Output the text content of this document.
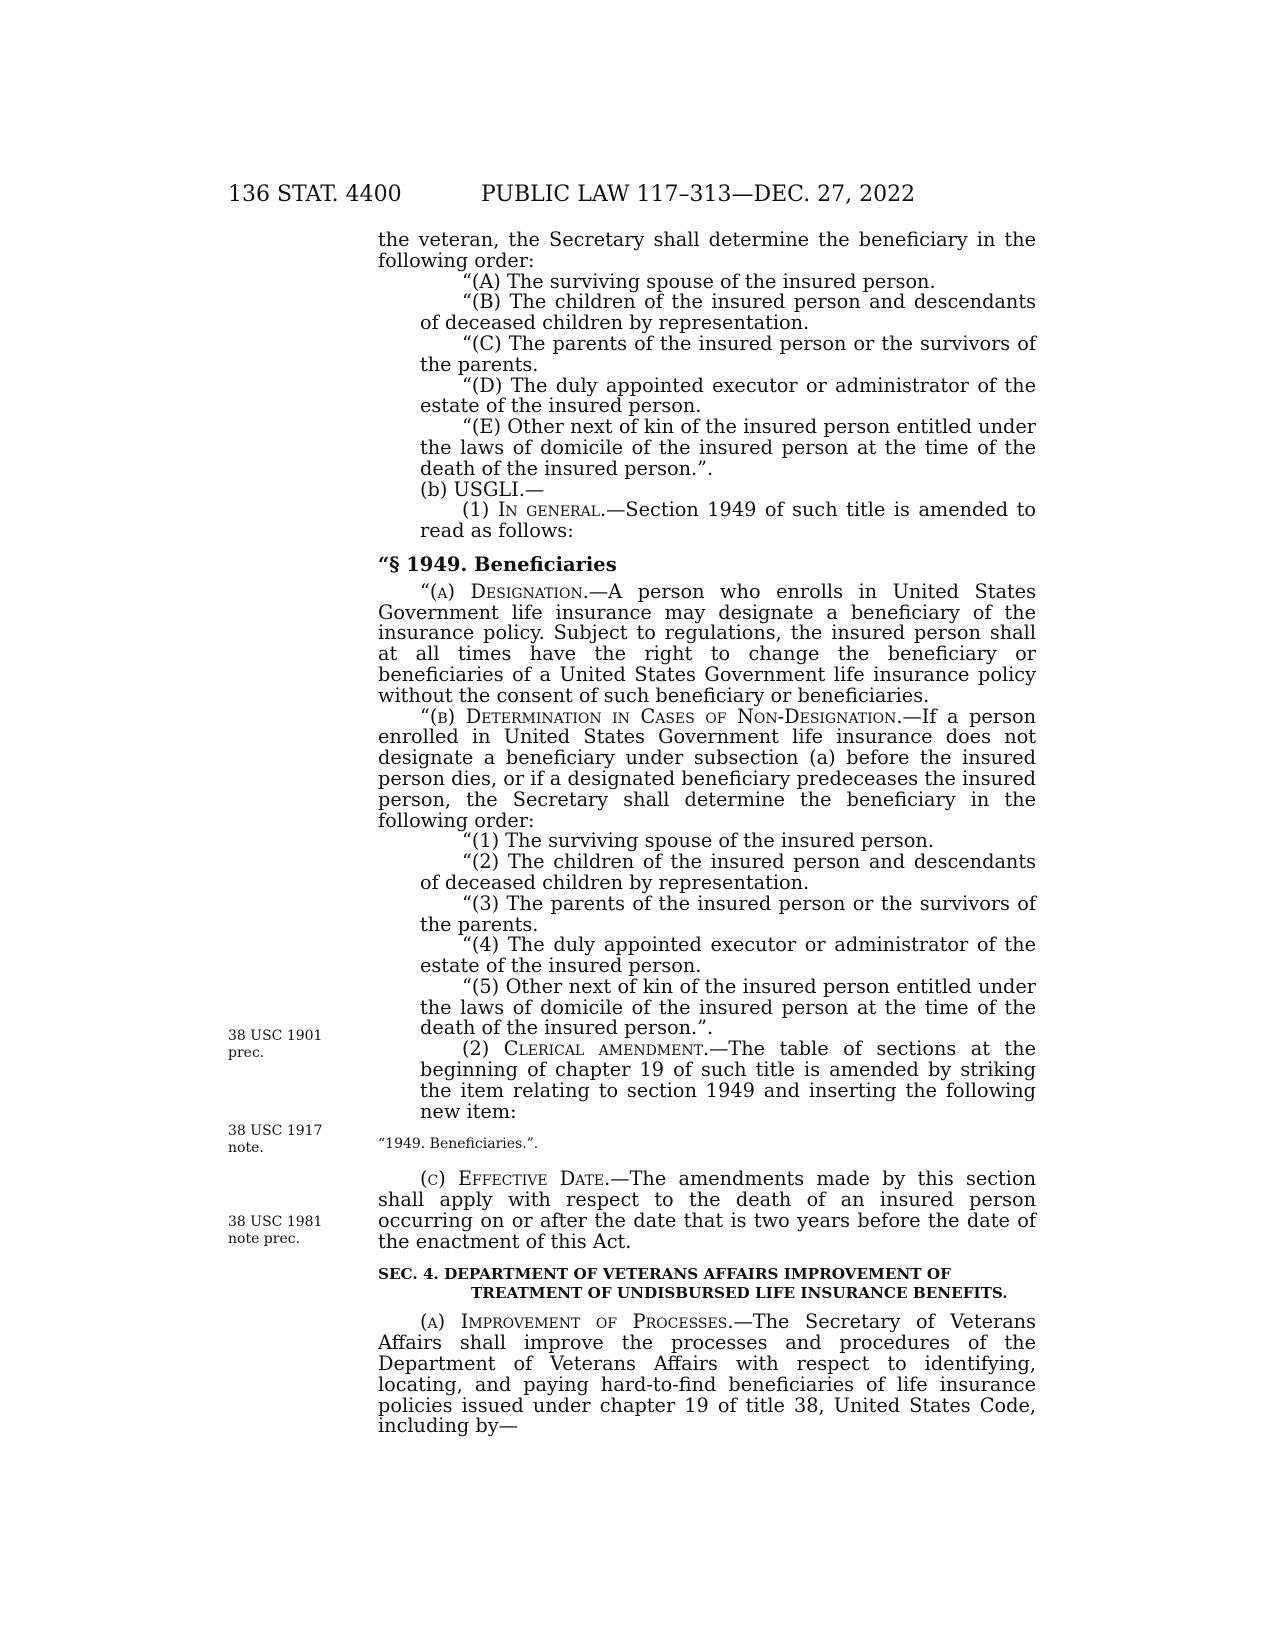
136 STAT. 4400	PUBLIC LAW 117–313—DEC. 27, 2022
38 USC 1901
prec.
38 USC 1917
note.
38 USC 1981
note prec.

the veteran, the Secretary shall determine the beneficiary in the following order:

“(A) The surviving spouse of the insured person.

“(B) The children of the insured person and descendants of deceased children by representation.

“(C) The parents of the insured person or the survivors of the parents.

“(D) The duly appointed executor or administrator of the estate of the insured person.

“(E) Other next of kin of the insured person entitled under the laws of domicile of the insured person at the time of the death of the insured person.”.

(b) USGLI.—

(1) In general.—Section 1949 of such title is amended to read as follows:

“§ 1949. Beneficiaries

“(a) Designation.—A person who enrolls in United States Government life insurance may designate a beneficiary of the insurance policy. Subject to regulations, the insured person shall at all times have the right to change the beneficiary or beneficiaries of a United States Government life insurance policy without the consent of such beneficiary or beneficiaries.

“(b) Determination in Cases of Non-Designation.—If a person enrolled in United States Government life insurance does not designate a beneficiary under subsection (a) before the insured person dies, or if a designated beneficiary predeceases the insured person, the Secretary shall determine the beneficiary in the following order:

“(1) The surviving spouse of the insured person.

“(2) The children of the insured person and descendants of deceased children by representation.

“(3) The parents of the insured person or the survivors of the parents.

“(4) The duly appointed executor or administrator of the estate of the insured person.

“(5) Other next of kin of the insured person entitled under the laws of domicile of the insured person at the time of the death of the insured person.”.

(2) Clerical amendment.—The table of sections at the beginning of chapter 19 of such title is amended by striking the item relating to section 1949 and inserting the following new item:

“1949. Beneficiaries.”.

(c) Effective Date.—The amendments made by this section shall apply with respect to the death of an insured person occurring on or after the date that is two years before the date of the enactment of this Act.

SEC. 4. DEPARTMENT OF VETERANS AFFAIRS IMPROVEMENT OF
TREATMENT OF UNDISBURSED LIFE INSURANCE BENEFITS.

(a) Improvement of Processes.—The Secretary of Veterans Affairs shall improve the processes and procedures of the Department of Veterans Affairs with respect to identifying, locating, and paying hard-to-find beneficiaries of life insurance policies issued under chapter 19 of title 38, United States Code, including by—
